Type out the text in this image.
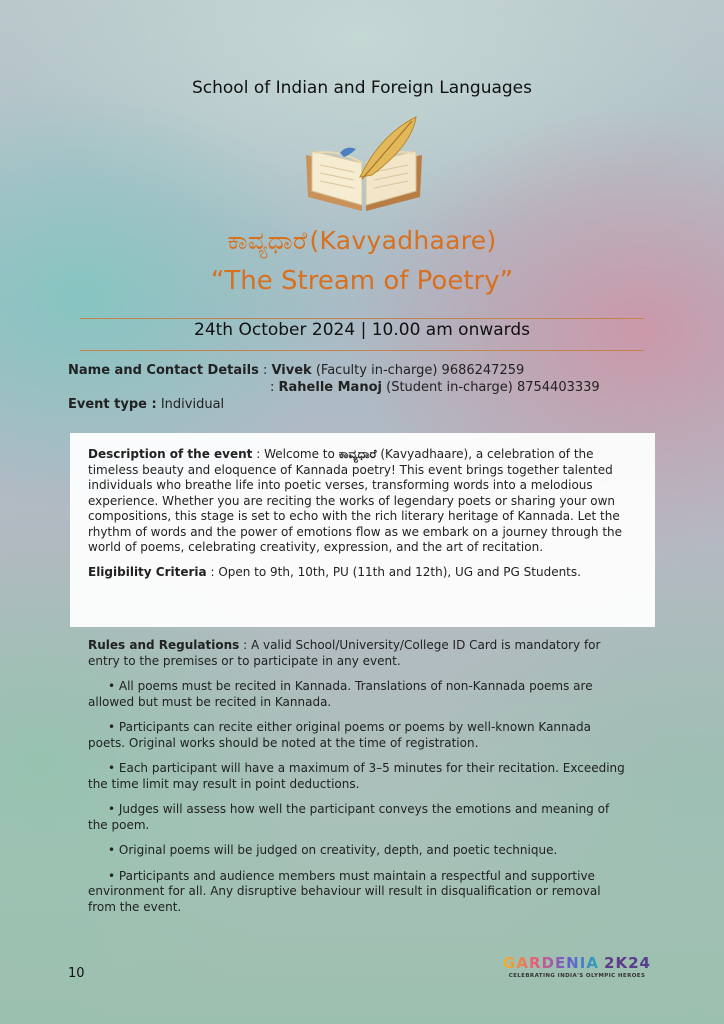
School of Indian and Foreign Languages
ಕಾವ್ಯಧಾರೆ(Kavyadhaare)
“The Stream of Poetry”
24th October 2024 | 10.00 am onwards
Name and Contact Details : Vivek (Faculty in-charge) 9686247259
: Rahelle Manoj (Student in-charge) 8754403339
Event type : Individual

Description of the event : Welcome to ಕಾವ್ಯಧಾರೆ (Kavyadhaare), a celebration of the timeless beauty and eloquence of Kannada poetry! This event brings together talented individuals who breathe life into poetic verses, transforming words into a melodious experience. Whether you are reciting the works of legendary poets or sharing your own compositions, this stage is set to echo with the rich literary heritage of Kannada. Let the rhythm of words and the power of emotions flow as we embark on a journey through the world of poems, celebrating creativity, expression, and the art of recitation.

Eligibility Criteria : Open to 9th, 10th, PU (11th and 12th), UG and PG Students.

Rules and Regulations : A valid School/University/College ID Card is mandatory for entry to the premises or to participate in any event.

• All poems must be recited in Kannada. Translations of non-Kannada poems are allowed but must be recited in Kannada.

• Participants can recite either original poems or poems by well-known Kannada poets. Original works should be noted at the time of registration.

• Each participant will have a maximum of 3–5 minutes for their recitation. Exceeding the time limit may result in point deductions.

• Judges will assess how well the participant conveys the emotions and meaning of the poem.

• Original poems will be judged on creativity, depth, and poetic technique.

• Participants and audience members must maintain a respectful and supportive environment for all. Any disruptive behaviour will result in disqualification or removal from the event.

10
GARDENIA 2K24
CELEBRATING INDIA'S OLYMPIC HEROES
